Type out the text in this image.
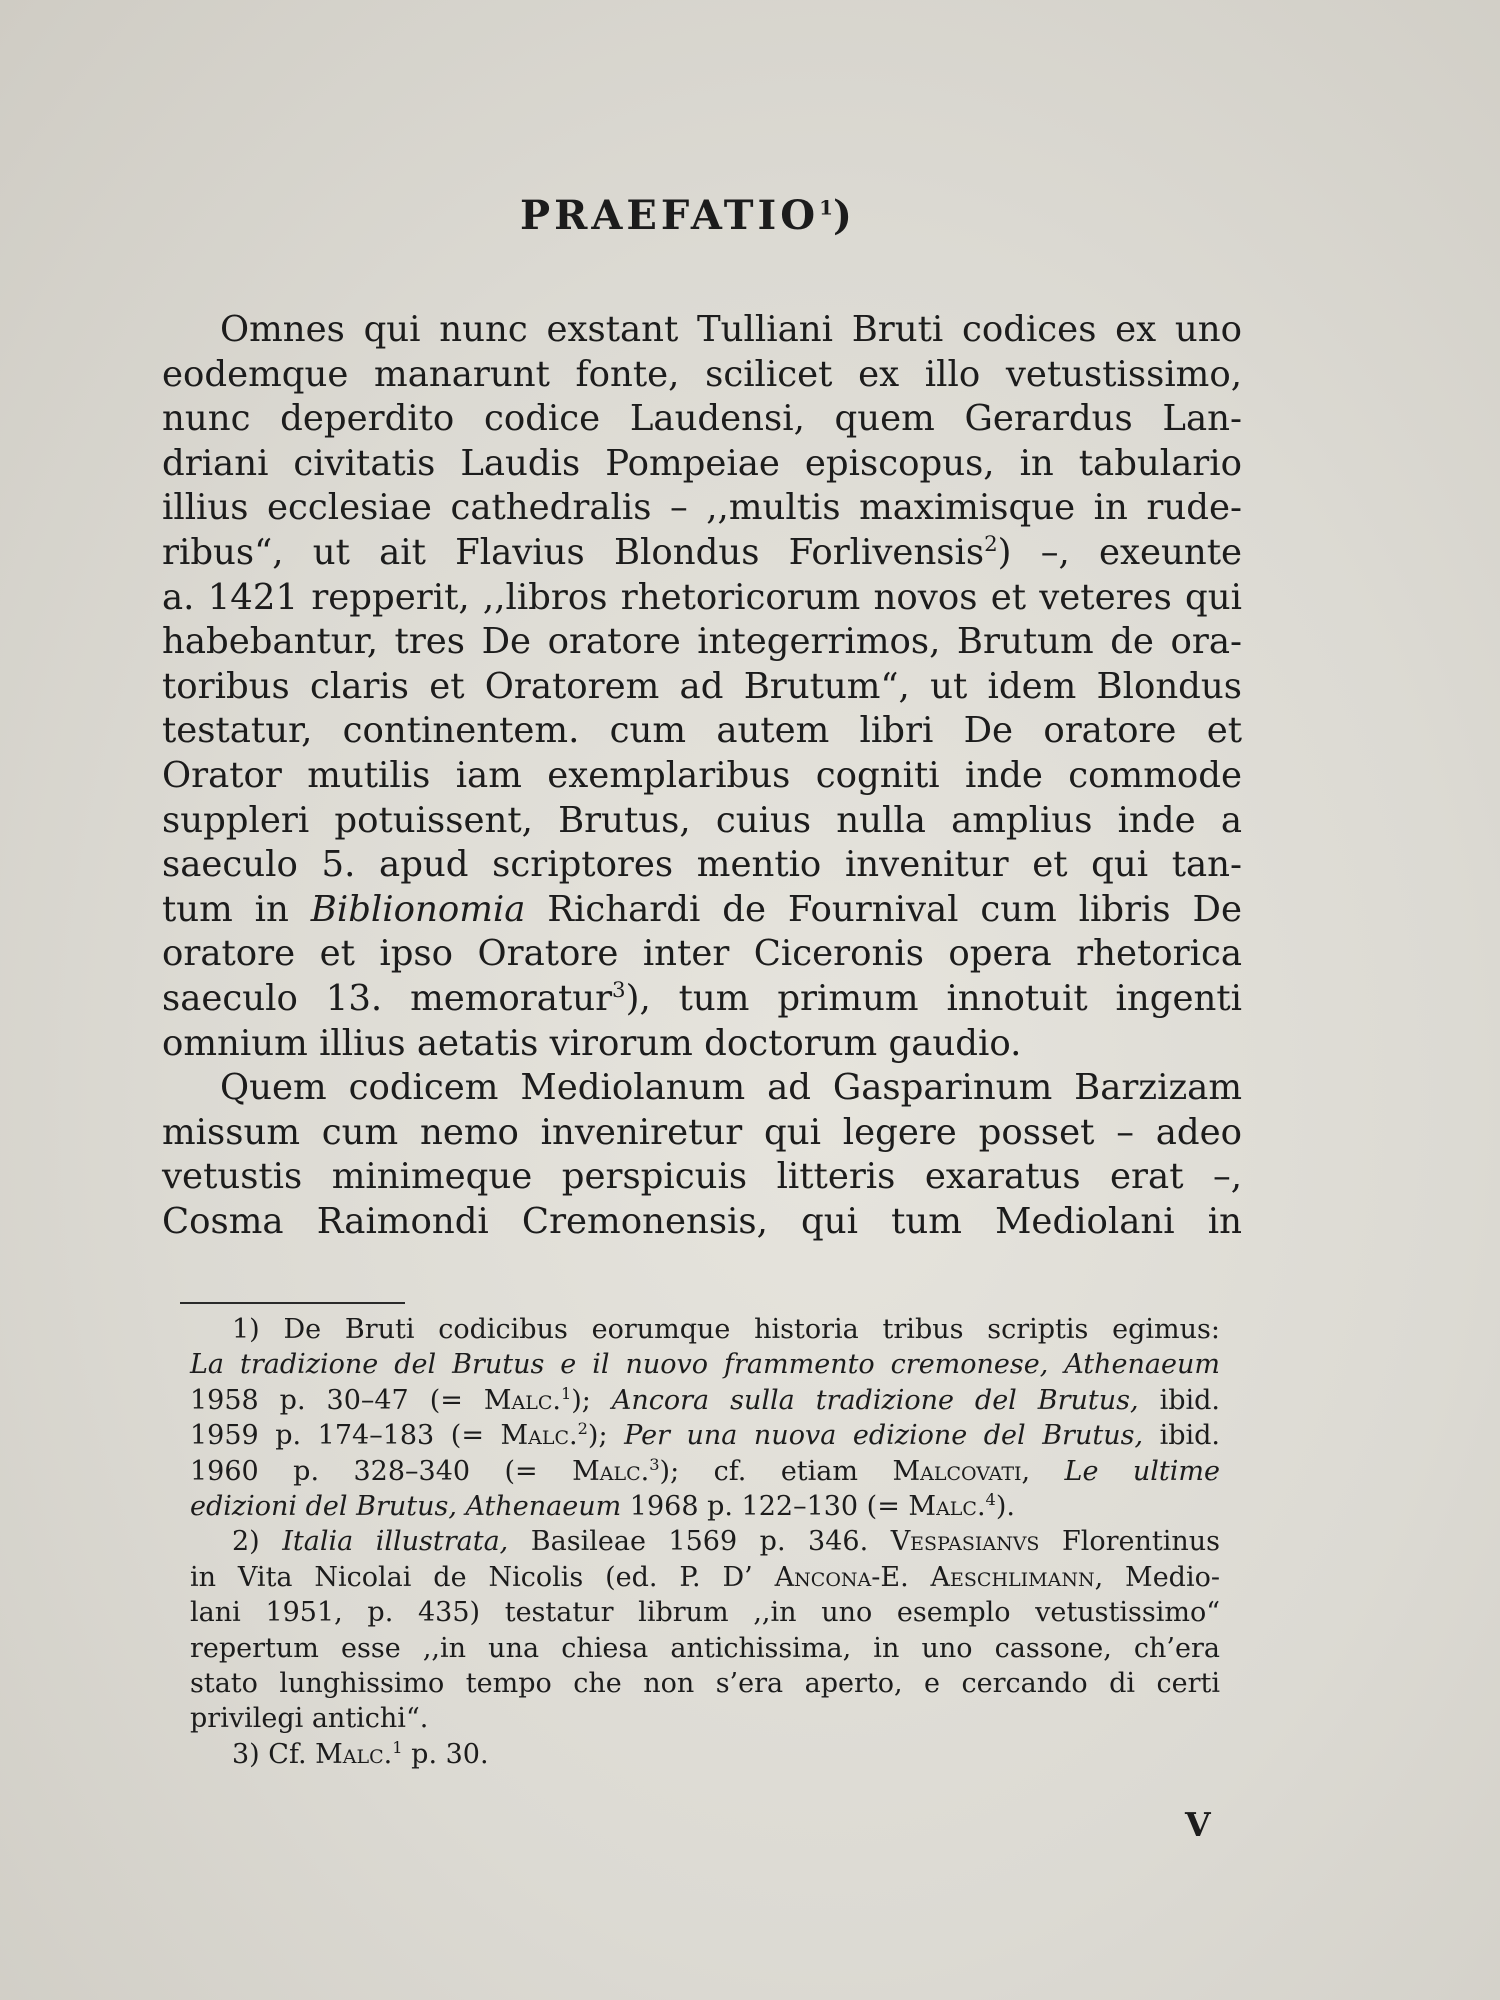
PRAEFATIO$^1$)
Omnes qui nunc exstant Tulliani Bruti codices ex uno
eodemque manarunt fonte, scilicet ex illo vetustissimo,
nunc deperdito codice Laudensi, quem Gerardus Lan-
driani civitatis Laudis Pompeiae episcopus, in tabulario
illius ecclesiae cathedralis – ,,multis maximisque in rude-
ribus“, ut ait Flavius Blondus Forlivensis$^2$) –, exeunte
a. 1421 repperit, ,,libros rhetoricorum novos et veteres qui
habebantur, tres De oratore integerrimos, Brutum de ora-
toribus claris et Oratorem ad Brutum“, ut idem Blondus
testatur, continentem. cum autem libri De oratore et
Orator mutilis iam exemplaribus cogniti inde commode
suppleri potuissent, Brutus, cuius nulla amplius inde a
saeculo 5. apud scriptores mentio invenitur et qui tan-
tum in Biblionomia Richardi de Fournival cum libris De
oratore et ipso Oratore inter Ciceronis opera rhetorica
saeculo 13. memoratur$^3$), tum primum innotuit ingenti
omnium illius aetatis virorum doctorum gaudio.
Quem codicem Mediolanum ad Gasparinum Barzizam
missum cum nemo inveniretur qui legere posset – adeo
vetustis minimeque perspicuis litteris exaratus erat –,
Cosma Raimondi Cremonensis, qui tum Mediolani in
1) De Bruti codicibus eorumque historia tribus scriptis egimus:
La tradizione del Brutus e il nuovo frammento cremonese, Athenaeum
1958 p. 30–47 (= Malc.$^1$); Ancora sulla tradizione del Brutus, ibid.
1959 p. 174–183 (= Malc.$^2$); Per una nuova edizione del Brutus, ibid.
1960 p. 328–340 (= Malc.$^3$); cf. etiam Malcovati, Le ultime
edizioni del Brutus, Athenaeum 1968 p. 122–130 (= Malc.$^4$).
2) Italia illustrata, Basileae 1569 p. 346. Vespasianvs Florentinus
in Vita Nicolai de Nicolis (ed. P. D’ Ancona-E. Aeschlimann, Medio-
lani 1951, p. 435) testatur librum ,,in uno esemplo vetustissimo“
repertum esse ,,in una chiesa antichissima, in uno cassone, ch’era
stato lunghissimo tempo che non s’era aperto, e cercando di certi
privilegi antichi“.
3) Cf. Malc.$^1$ p. 30.
V
